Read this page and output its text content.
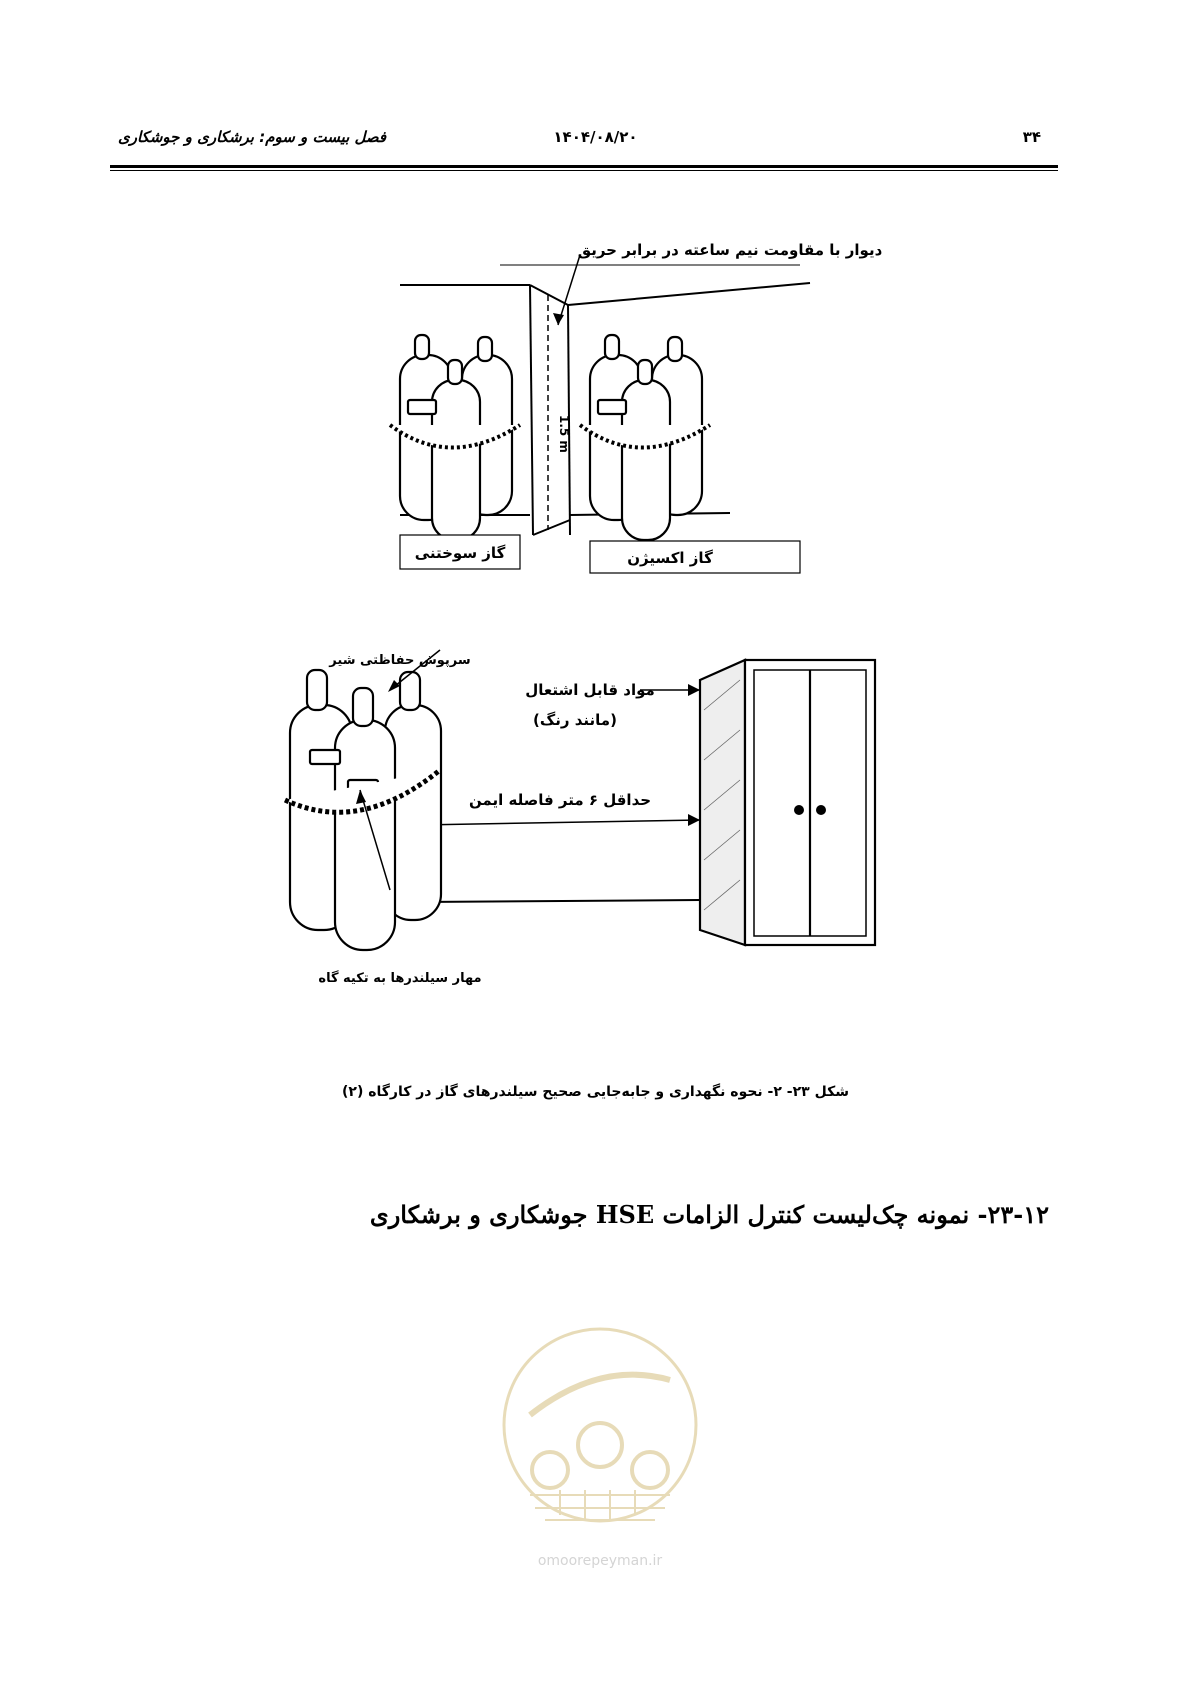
۳۴
۱۴۰۴/۰۸/۲۰
فصل بیست و سوم: برشکاری و جوشکاری
دیوار با مقاومت نیم ساعته در برابر حریق
1.5 m
گاز سوختنی	گاز اکسیژن
سرپوش حفاظتی شیر
مواد قابل اشتعال
(مانند رنگ)
حداقل ۶ متر فاصله ایمن
مهار سیلندرها به تکیه گاه
شکل ۲۳- ۲- نحوه نگهداری و جابه‌جایی صحیح سیلندرهای گاز در کارگاه (۲)
۲۳-۱۲- نمونه چک‌لیست کنترل الزامات HSE جوشکاری و برشکاری
omoorepeyman.ir
